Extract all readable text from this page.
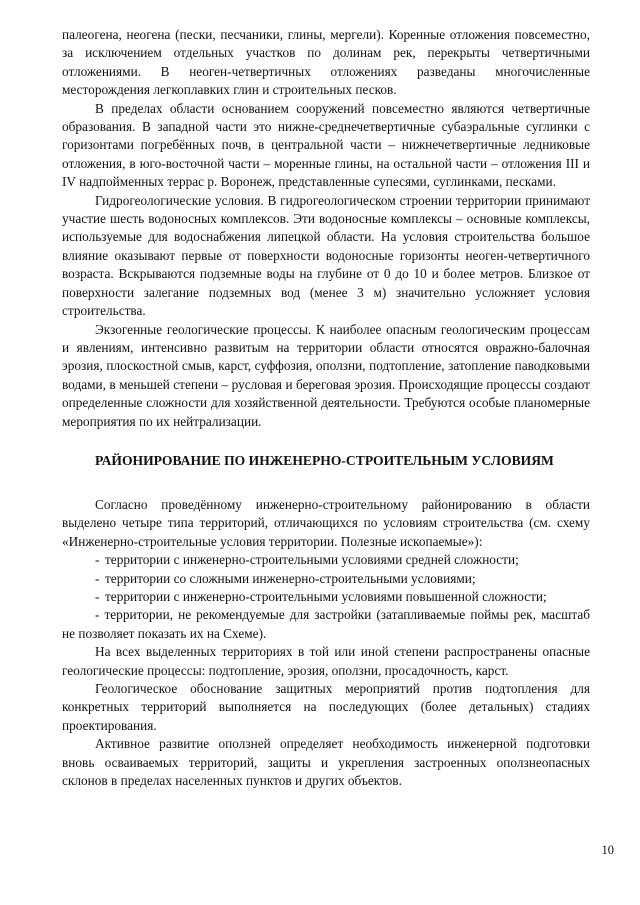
палеогена, неогена (пески, песчаники, глины, мергели). Коренные отложения повсеместно, за исключением отдельных участков по долинам рек, перекрыты четвертичными отложениями. В неоген-четвертичных отложениях разведаны многочисленные месторождения легкоплавких глин и строительных песков.

В пределах области основанием сооружений повсеместно являются четвертичные образования. В западной части это нижне-среднечетвертичные субаэральные суглинки с горизонтами погребённых почв, в центральной части – нижнечетвертичные ледниковые отложения, в юго-восточной части – моренные глины, на остальной части – отложения III и IV надпойменных террас р. Воронеж, представленные супесями, суглинками, песками.

Гидрогеологические условия. В гидрогеологическом строении территории принимают участие шесть водоносных комплексов. Эти водоносные комплексы – основные комплексы, используемые для водоснабжения липецкой области. На условия строительства большое влияние оказывают первые от поверхности водоносные горизонты неоген-четвертичного возраста. Вскрываются подземные воды на глубине от 0 до 10 и более метров. Близкое от поверхности залегание подземных вод (менее 3 м) значительно усложняет условия строительства.

Экзогенные геологические процессы. К наиболее опасным геологическим процессам и явлениям, интенсивно развитым на территории области относятся овражно-балочная эрозия, плоскостной смыв, карст, суффозия, оползни, подтопление, затопление паводковыми водами, в меньшей степени – русловая и береговая эрозия. Происходящие процессы создают определенные сложности для хозяйственной деятельности. Требуются особые планомерные мероприятия по их нейтрализации.

РАЙОНИРОВАНИЕ ПО ИНЖЕНЕРНО-СТРОИТЕЛЬНЫМ УСЛОВИЯМ

Согласно проведённому инженерно-строительному районированию в области выделено четыре типа территорий, отличающихся по условиям строительства (см. схему «Инженерно-строительные условия территории. Полезные ископаемые»):

- территории с инженерно-строительными условиями средней сложности;
- территории со сложными инженерно-строительными условиями;
- территории с инженерно-строительными условиями повышенной сложности;

- территории, не рекомендуемые для застройки (затапливаемые поймы рек, масштаб не позволяет показать их на Схеме).

На всех выделенных территориях в той или иной степени распространены опасные геологические процессы: подтопление, эрозия, оползни, просадочность, карст.

Геологическое обоснование защитных мероприятий против подтопления для конкретных территорий выполняется на последующих (более детальных) стадиях проектирования.

Активное развитие оползней определяет необходимость инженерной подготовки вновь осваиваемых территорий, защиты и укрепления застроенных оползнеопасных склонов в пределах населенных пунктов и других объектов.

10
